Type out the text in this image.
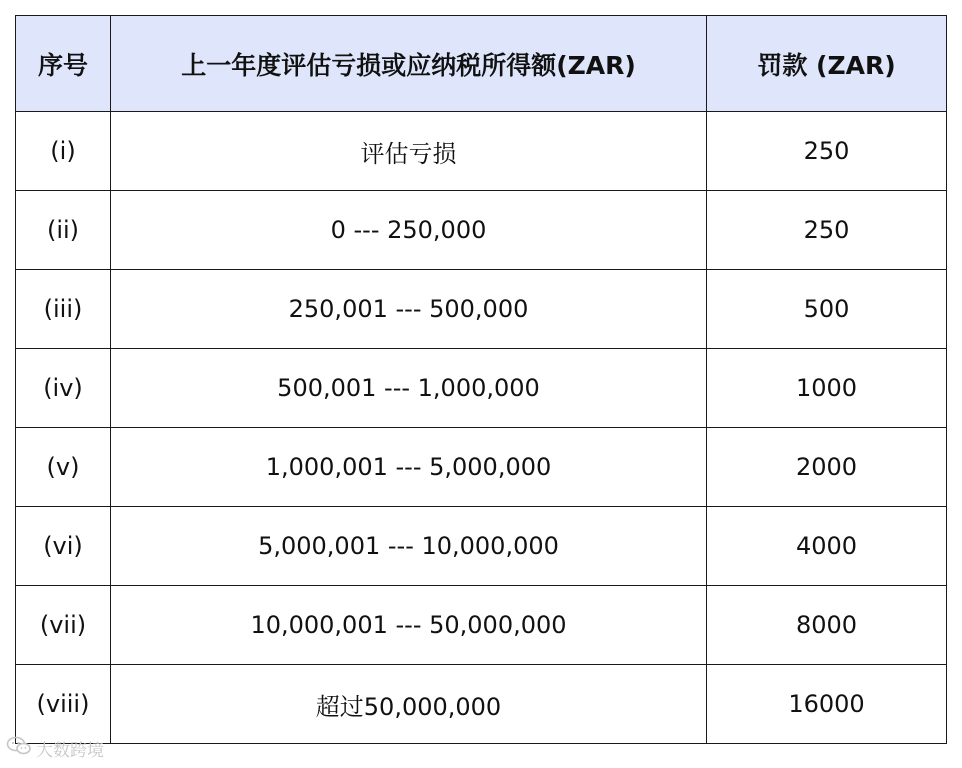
序号	上一年度评估亏损或应纳税所得额(ZAR)	罚款 (ZAR)
(i)	评估亏损	250
(ii)	0 --- 250,000	250
(iii)	250,001 --- 500,000	500
(iv)	500,001 --- 1,000,000	1000
(v)	1,000,001 --- 5,000,000	2000
(vi)	5,000,001 --- 10,000,000	4000
(vii)	10,000,001 --- 50,000,000	8000
(viii)	超过50,000,000	16000
大数跨境
